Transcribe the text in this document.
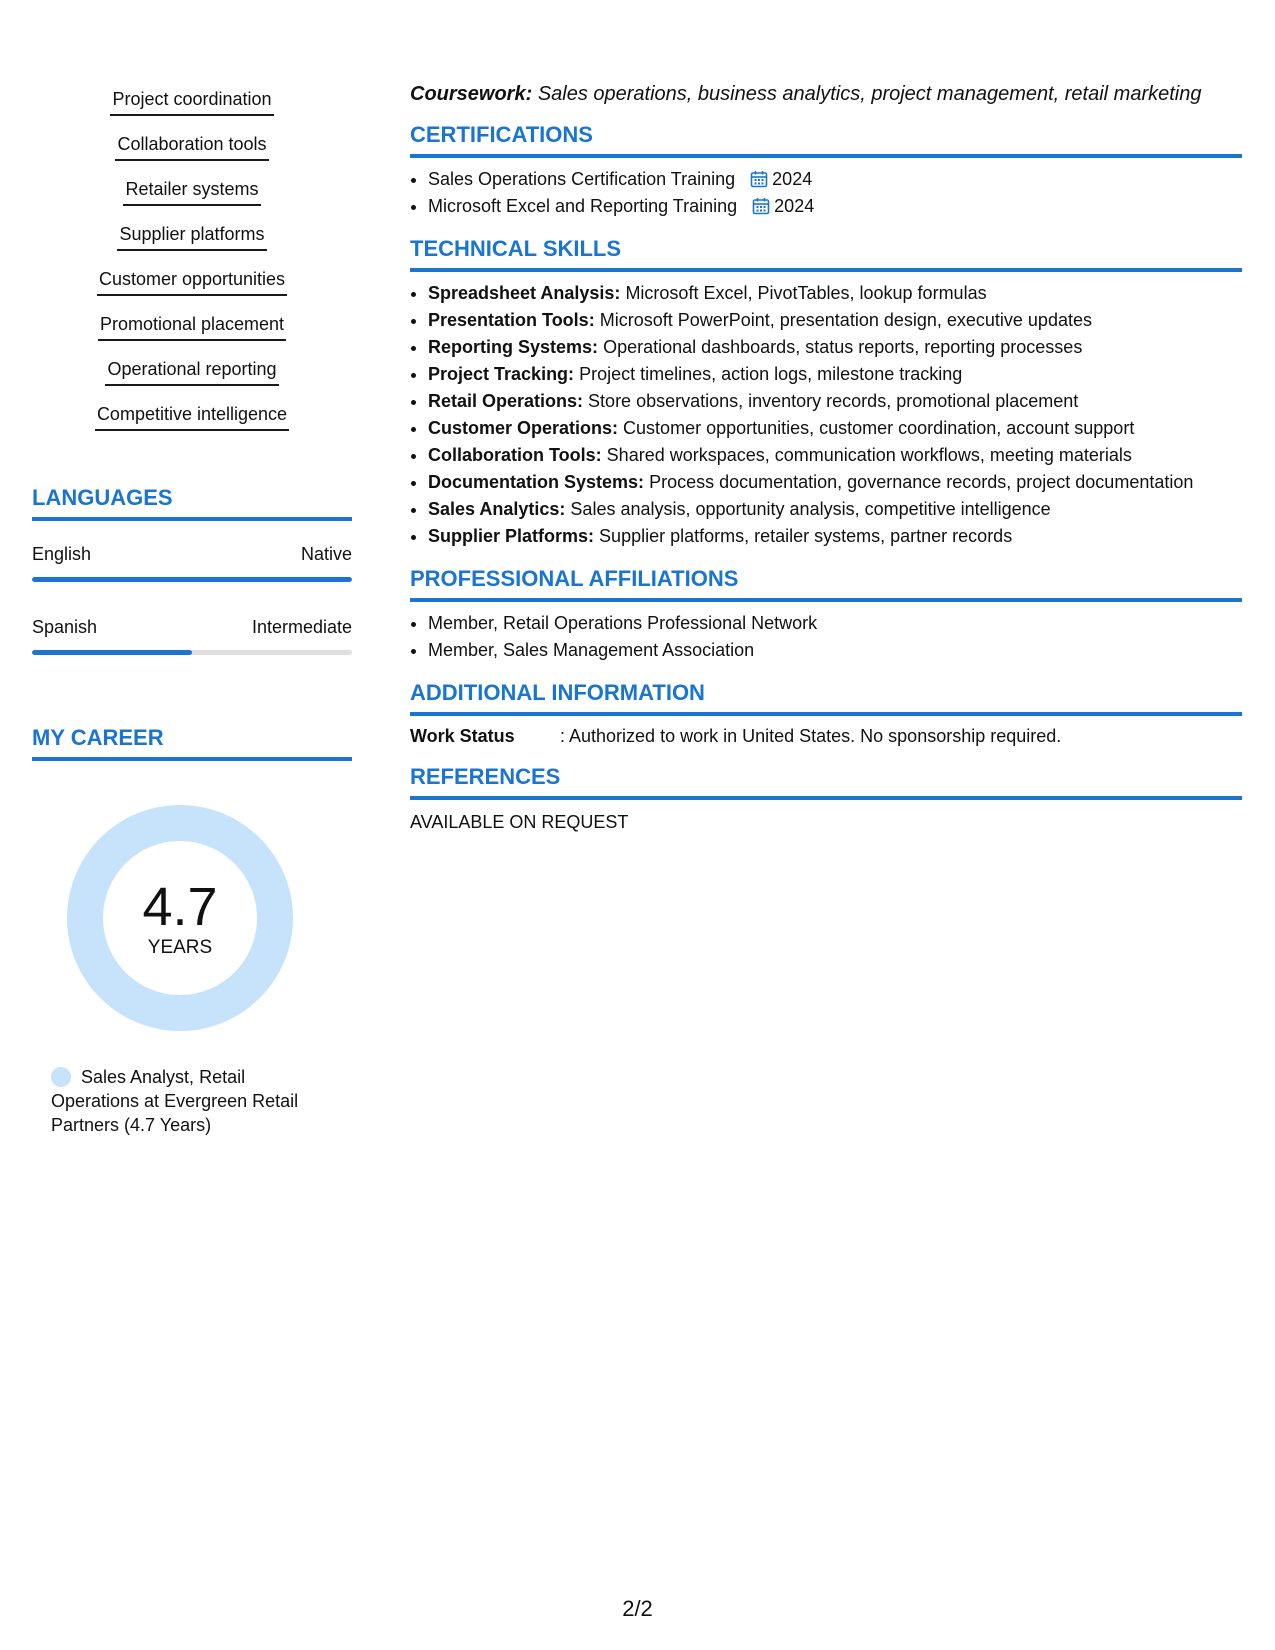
Project coordination
Collaboration tools
Retailer systems
Supplier platforms
Customer opportunities
Promotional placement
Operational reporting
Competitive intelligence
LANGUAGES
English	Native
Spanish	Intermediate
MY CAREER
4.7
YEARS
Sales Analyst, Retail Operations at Evergreen Retail Partners (4.7 Years)

Coursework: Sales operations, business analytics, project management, retail marketing

CERTIFICATIONS
• Sales Operations Certification Training 2024
• Microsoft Excel and Reporting Training 2024
TECHNICAL SKILLS
• Spreadsheet Analysis: Microsoft Excel, PivotTables, lookup formulas
• Presentation Tools: Microsoft PowerPoint, presentation design, executive updates
• Reporting Systems: Operational dashboards, status reports, reporting processes
• Project Tracking: Project timelines, action logs, milestone tracking
• Retail Operations: Store observations, inventory records, promotional placement
• Customer Operations: Customer opportunities, customer coordination, account support
• Collaboration Tools: Shared workspaces, communication workflows, meeting materials
• Documentation Systems: Process documentation, governance records, project documentation
• Sales Analytics: Sales analysis, opportunity analysis, competitive intelligence
• Supplier Platforms: Supplier platforms, retailer systems, partner records
PROFESSIONAL AFFILIATIONS
• Member, Retail Operations Professional Network
• Member, Sales Management Association
ADDITIONAL INFORMATION
Work Status	: Authorized to work in United States. No sponsorship required.
REFERENCES
AVAILABLE ON REQUEST
2/2
